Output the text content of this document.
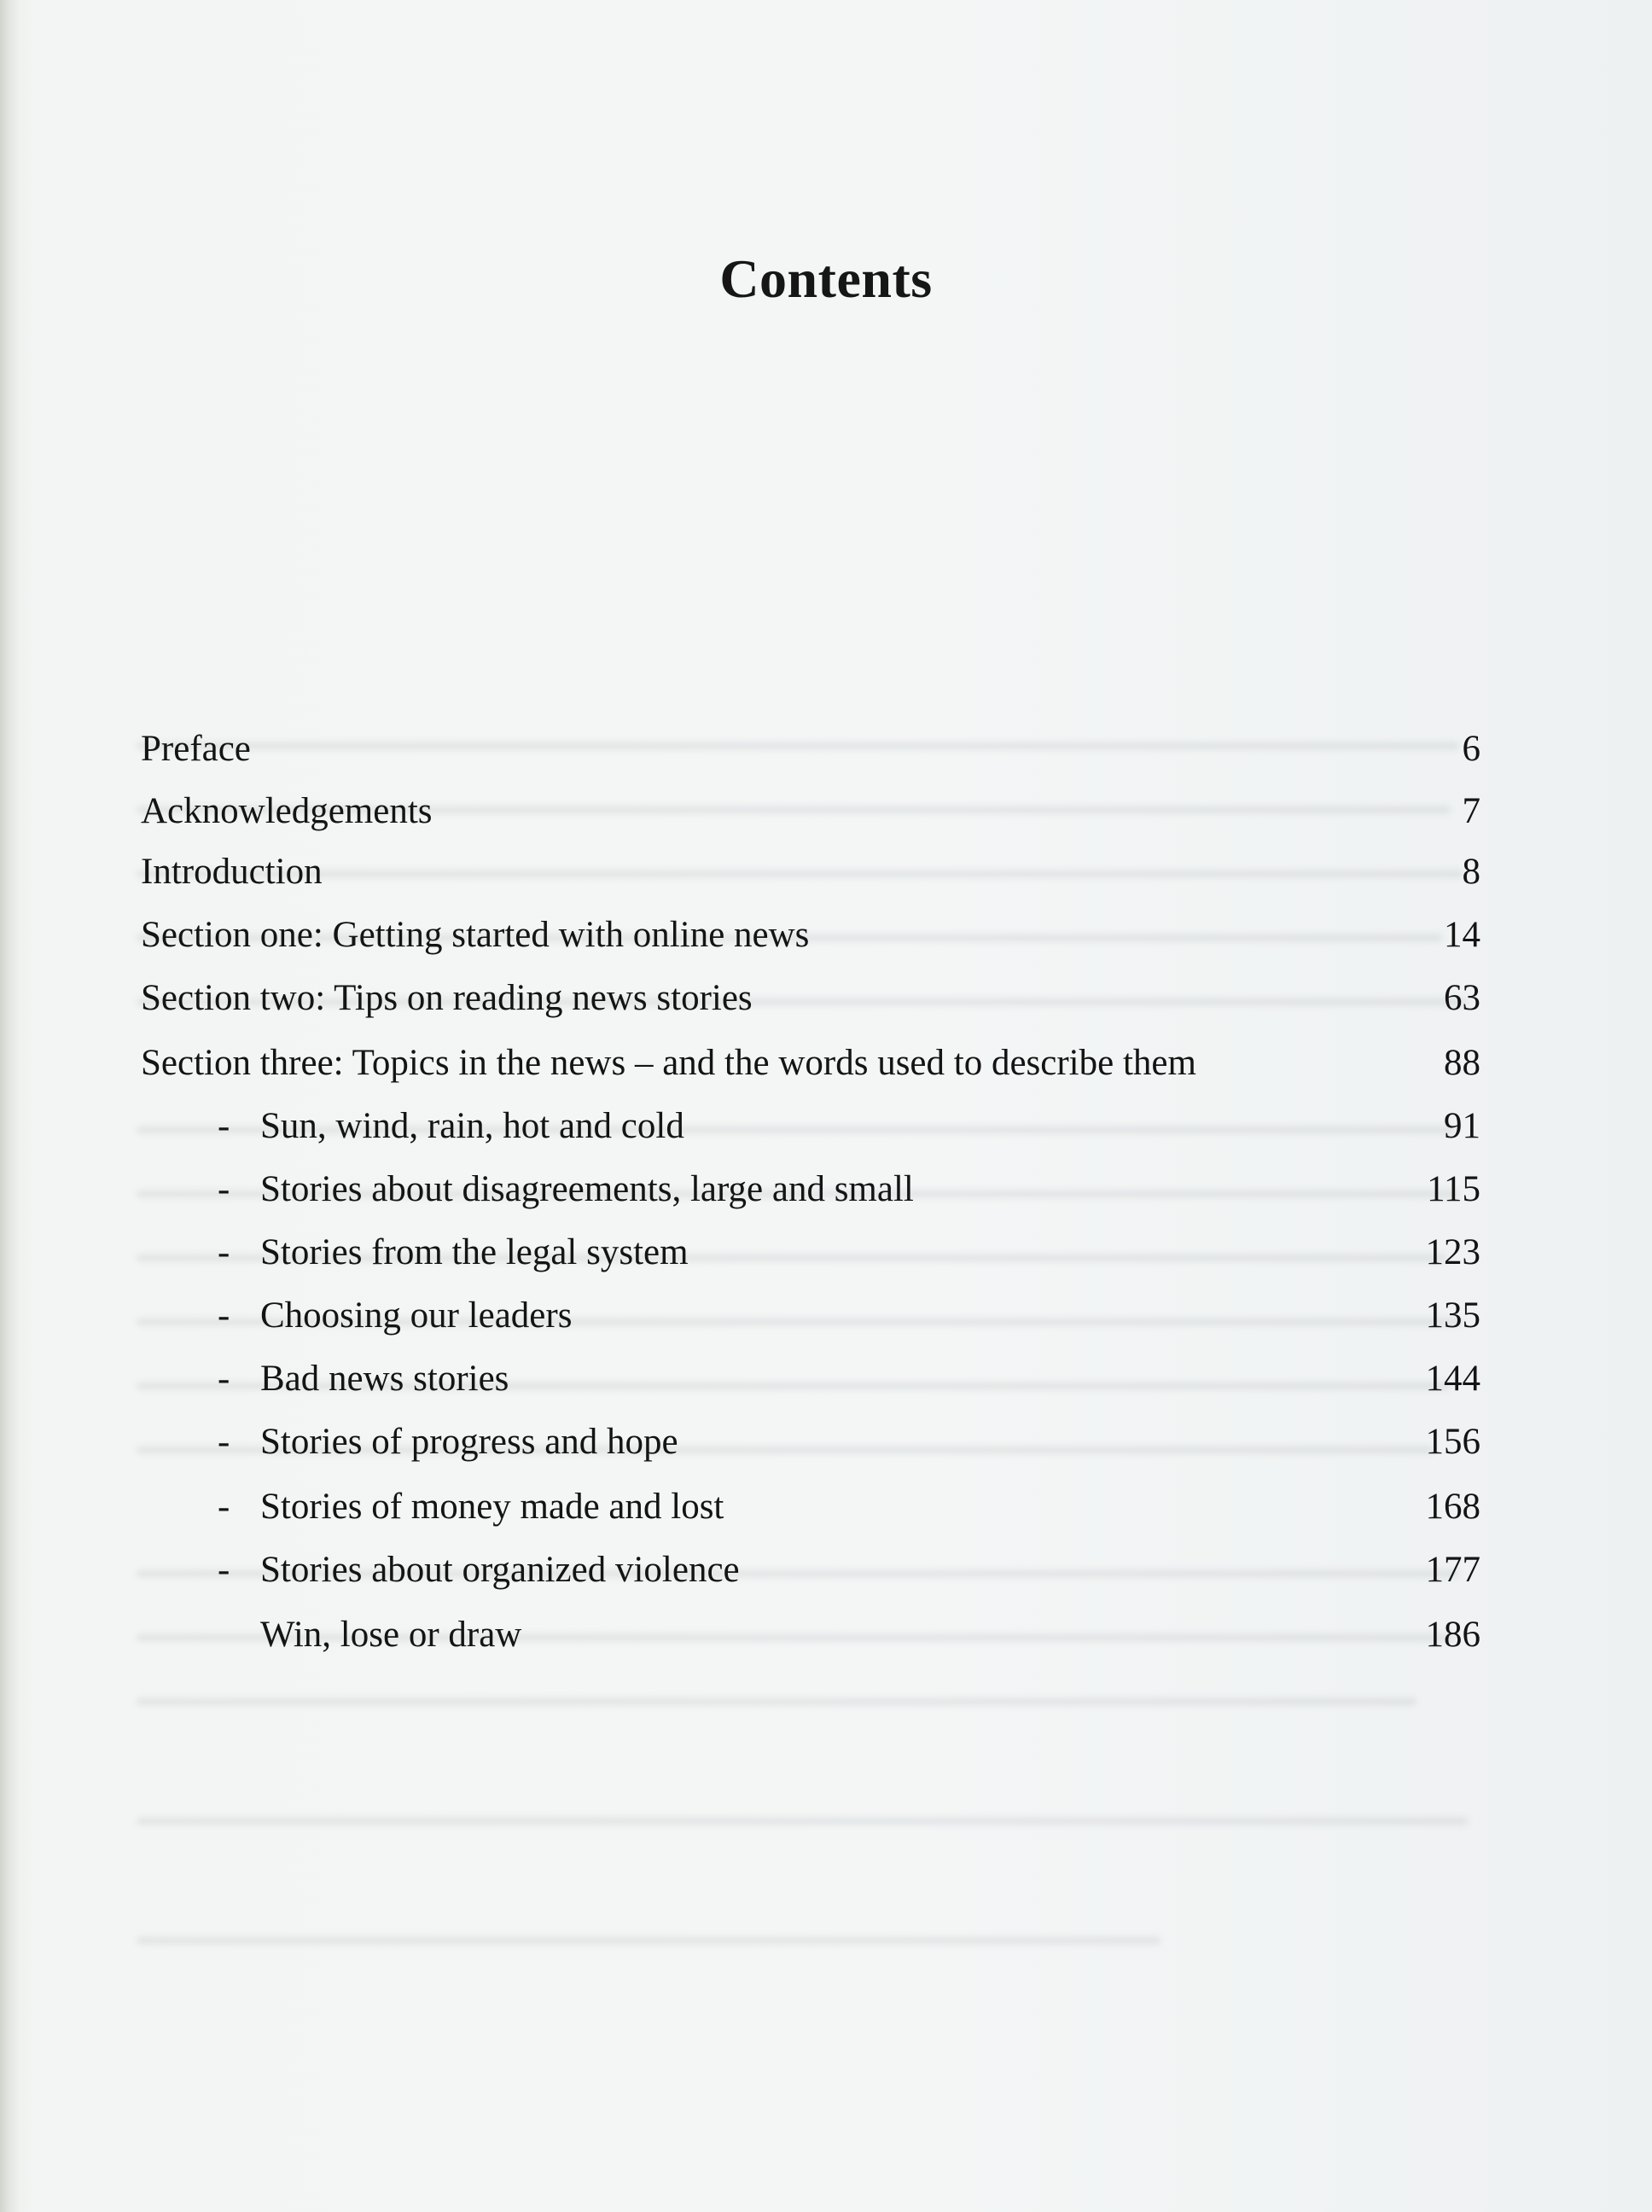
Contents
Preface	6
Acknowledgements	7
Introduction	8
Section one: Getting started with online news	14
Section two: Tips on reading news stories	63
Section three: Topics in the news – and the words used to describe them	88
- Sun, wind, rain, hot and cold	91
- Stories about disagreements, large and small	115
- Stories from the legal system	123
- Choosing our leaders	135
- Bad news stories	144
- Stories of progress and hope	156
- Stories of money made and lost	168
- Stories about organized violence	177
Win, lose or draw	186
